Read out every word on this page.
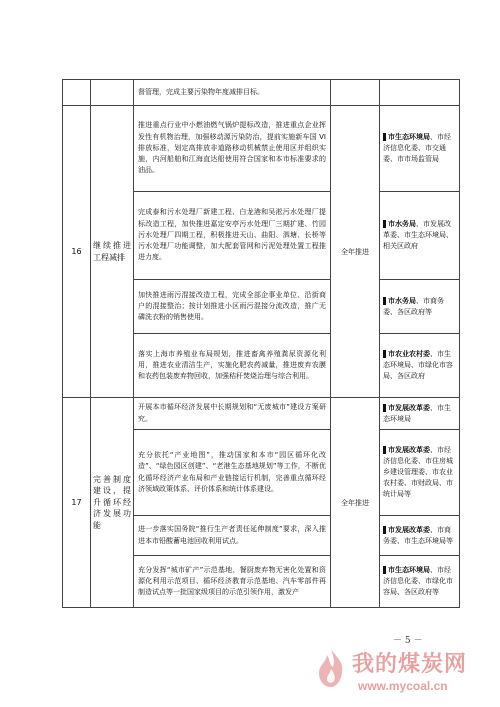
		督管理，完成主要污染物年度减排目标。		
16	继续推进工程减排	推进重点行业中小燃油燃气锅炉提标改造，推进重点企业挥发性有机物治理，加强移动源污染防治，提前实施新车国 VI 排放标准，划定高排放非道路移动机械禁止使用区并组织实施，内河船舶和江海直达船使用符合国家和本市标准要求的油品。	全年推进	市生态环境局、市经济信息化委、市交通委、市市场监管局
		完成泰和污水处理厂新建工程、白龙港和吴淞污水处理厂提标改造工程，加快推进嘉定安亭污水处理厂三期扩建、竹园污水处理厂四期工程，积极推进天山、曲阳、泗塘、长桥等污水处理厂功能调整，加大配套管网和污泥处理处置工程推进力度。		市水务局、市发展改革委、市生态环境局、相关区政府
		加快推进雨污混接改造工程，完成全部企事业单位、沿街商户的混接整治；按计划推进小区雨污混接分流改造，推广无磷洗衣粉的销售使用。		市水务局、市商务委、各区政府等
		落实上海市养殖业布局规划，推进畜禽养殖粪尿资源化利用，推进农业清洁生产，实施化肥农药减量，推进废弃农膜和农药包装废弃物回收，加强秸秆焚烧治理与综合利用。		市农业农村委、市生态环境局、市绿化市容局、各区政府
17	完善制度建设，提升循环经济发展功能	开展本市循环经济发展中长期规划和“无废城市”建设方案研究。	全年推进	市发展改革委、市生态环境局
		充分依托“产业地图”，推动国家和本市“园区循环化改造”、“绿色园区创建”、“老港生态基地规划”等工作，不断优化循环经济产业布局和产业链接运行机制，完善重点循环经济领域政策体系、评价体系和统计体系建设。		市发展改革委、市经济信息化委、市住房城乡建设管理委、市农业农村委、市财政局、市统计局等
		进一步落实国务院“推行生产者责任延伸制度”要求，深入推进本市铅酸蓄电池回收利用试点。		市发展改革委、市商务委、市生态环境局等
		充分发挥“城市矿产”示范基地、餐厨废弃物无害化处置和资源化利用示范项目、循环经济教育示范基地、汽车零部件再制造试点等一批国家级项目的示范引领作用，激发产		市生态环境局、市经济信息化委、市绿化市容局、各区政府等
－ 5 －
我的煤炭网
www.mycoal.cn
